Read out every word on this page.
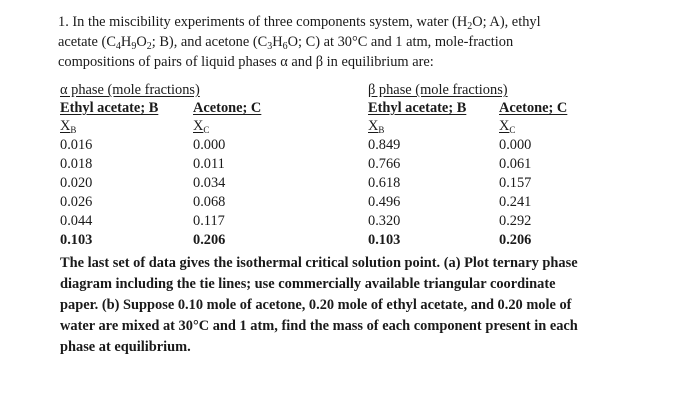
1. In the miscibility experiments of three components system, water ($H_2O$; A), ethyl
acetate ($C_4H_9O_2$; B), and acetone ($C_3H_6O$; C) at 30°C and 1 atm, mole-fraction
compositions of pairs of liquid phases α and β in equilibrium are:
α phase (mole fractions)
Ethyl acetate; B Acetone; C
$X_B$	$X_C$
0.016
0.018
0.020
0.026
0.044
0.103
0.000
0.011
0.034
0.068
0.117
0.206
β phase (mole fractions)
Ethyl acetate; B Acetone; C
$X_B$	$X_C$
0.849
0.766
0.618
0.496
0.320
0.103
0.000
0.061
0.157
0.241
0.292
0.206
The last set of data gives the isothermal critical solution point. (a) Plot ternary phase
diagram including the tie lines; use commercially available triangular coordinate
paper. (b) Suppose 0.10 mole of acetone, 0.20 mole of ethyl acetate, and 0.20 mole of
water are mixed at 30°C and 1 atm, find the mass of each component present in each
phase at equilibrium.
